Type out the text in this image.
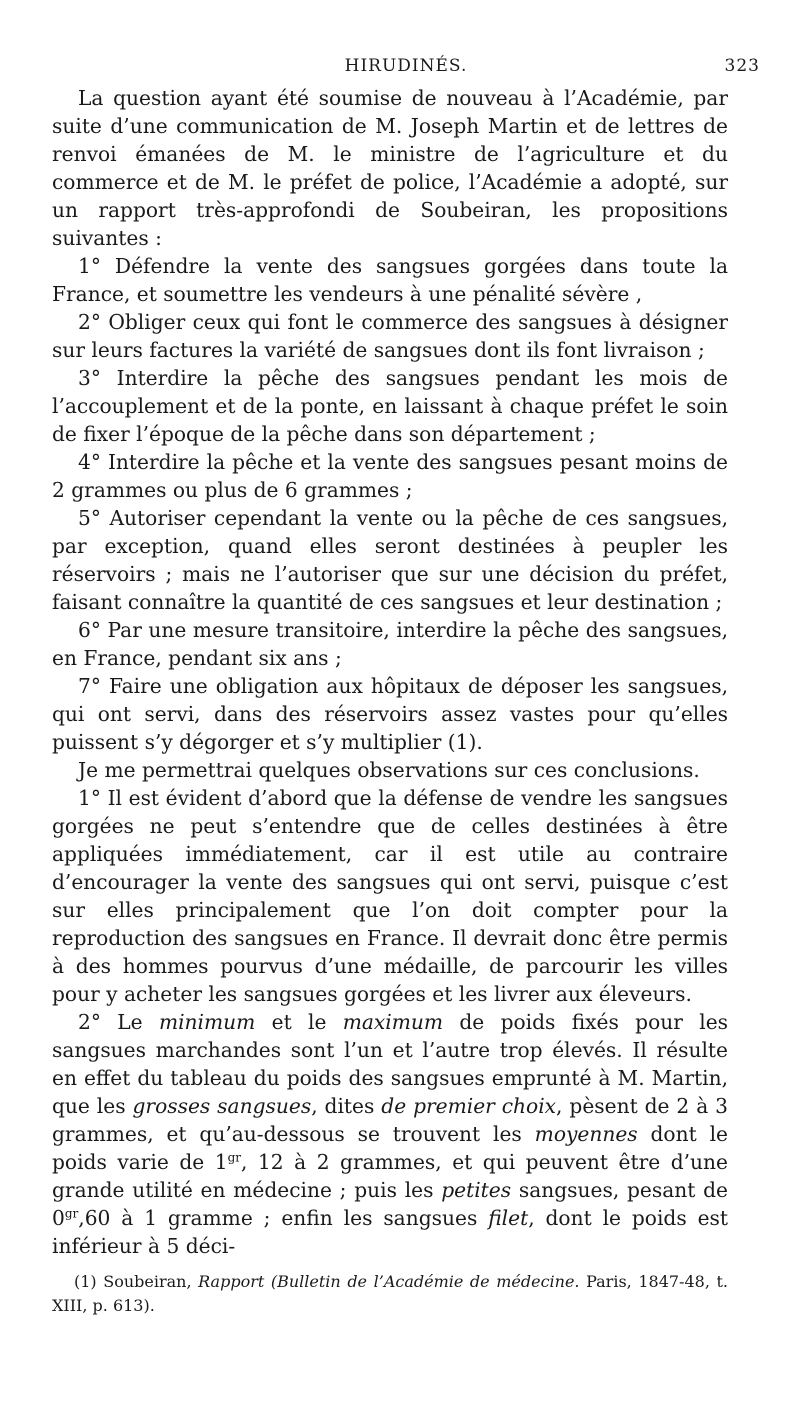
HIRUDINÉS.	323

La question ayant été soumise de nouveau à l’Académie, par suite d’une communication de M. Joseph Martin et de lettres de renvoi émanées de M. le ministre de l’agriculture et du commerce et de M. le préfet de police, l’Académie a adopté, sur un rapport très-approfondi de Soubeiran, les propositions suivantes :

1° Défendre la vente des sangsues gorgées dans toute la France, et soumettre les vendeurs à une pénalité sévère ,

2° Obliger ceux qui font le commerce des sangsues à désigner sur leurs factures la variété de sangsues dont ils font livraison ;

3° Interdire la pêche des sangsues pendant les mois de l’accouplement et de la ponte, en laissant à chaque préfet le soin de fixer l’époque de la pêche dans son département ;

4° Interdire la pêche et la vente des sangsues pesant moins de 2 grammes ou plus de 6 grammes ;

5° Autoriser cependant la vente ou la pêche de ces sangsues, par exception, quand elles seront destinées à peupler les réservoirs ; mais ne l’autoriser que sur une décision du préfet, faisant connaître la quantité de ces sangsues et leur destination ;

6° Par une mesure transitoire, interdire la pêche des sangsues, en France, pendant six ans ;

7° Faire une obligation aux hôpitaux de déposer les sangsues, qui ont servi, dans des réservoirs assez vastes pour qu’elles puissent s’y dégorger et s’y multiplier (1).

Je me permettrai quelques observations sur ces conclusions.

1° Il est évident d’abord que la défense de vendre les sangsues gorgées ne peut s’entendre que de celles destinées à être appliquées immédiatement, car il est utile au contraire d’encourager la vente des sangsues qui ont servi, puisque c’est sur elles principalement que l’on doit compter pour la reproduction des sangsues en France. Il devrait donc être permis à des hommes pourvus d’une médaille, de parcourir les villes pour y acheter les sangsues gorgées et les livrer aux éleveurs.

2° Le minimum et le maximum de poids fixés pour les sangsues marchandes sont l’un et l’autre trop élevés. Il résulte en effet du tableau du poids des sangsues emprunté à M. Martin, que les grosses sangsues, dites de premier choix, pèsent de 2 à 3 grammes, et qu’au-dessous se trouvent les moyennes dont le poids varie de $1^{gr}$, 12 à 2 grammes, et qui peuvent être d’une grande utilité en médecine ; puis les petites sangsues, pesant de $0^{gr},60$ à 1 gramme ; enfin les sangsues filet, dont le poids est inférieur à 5 déci-

(1) Soubeiran, Rapport (Bulletin de l’Académie de médecine. Paris, 1847-48, t. XIII, p. 613).
